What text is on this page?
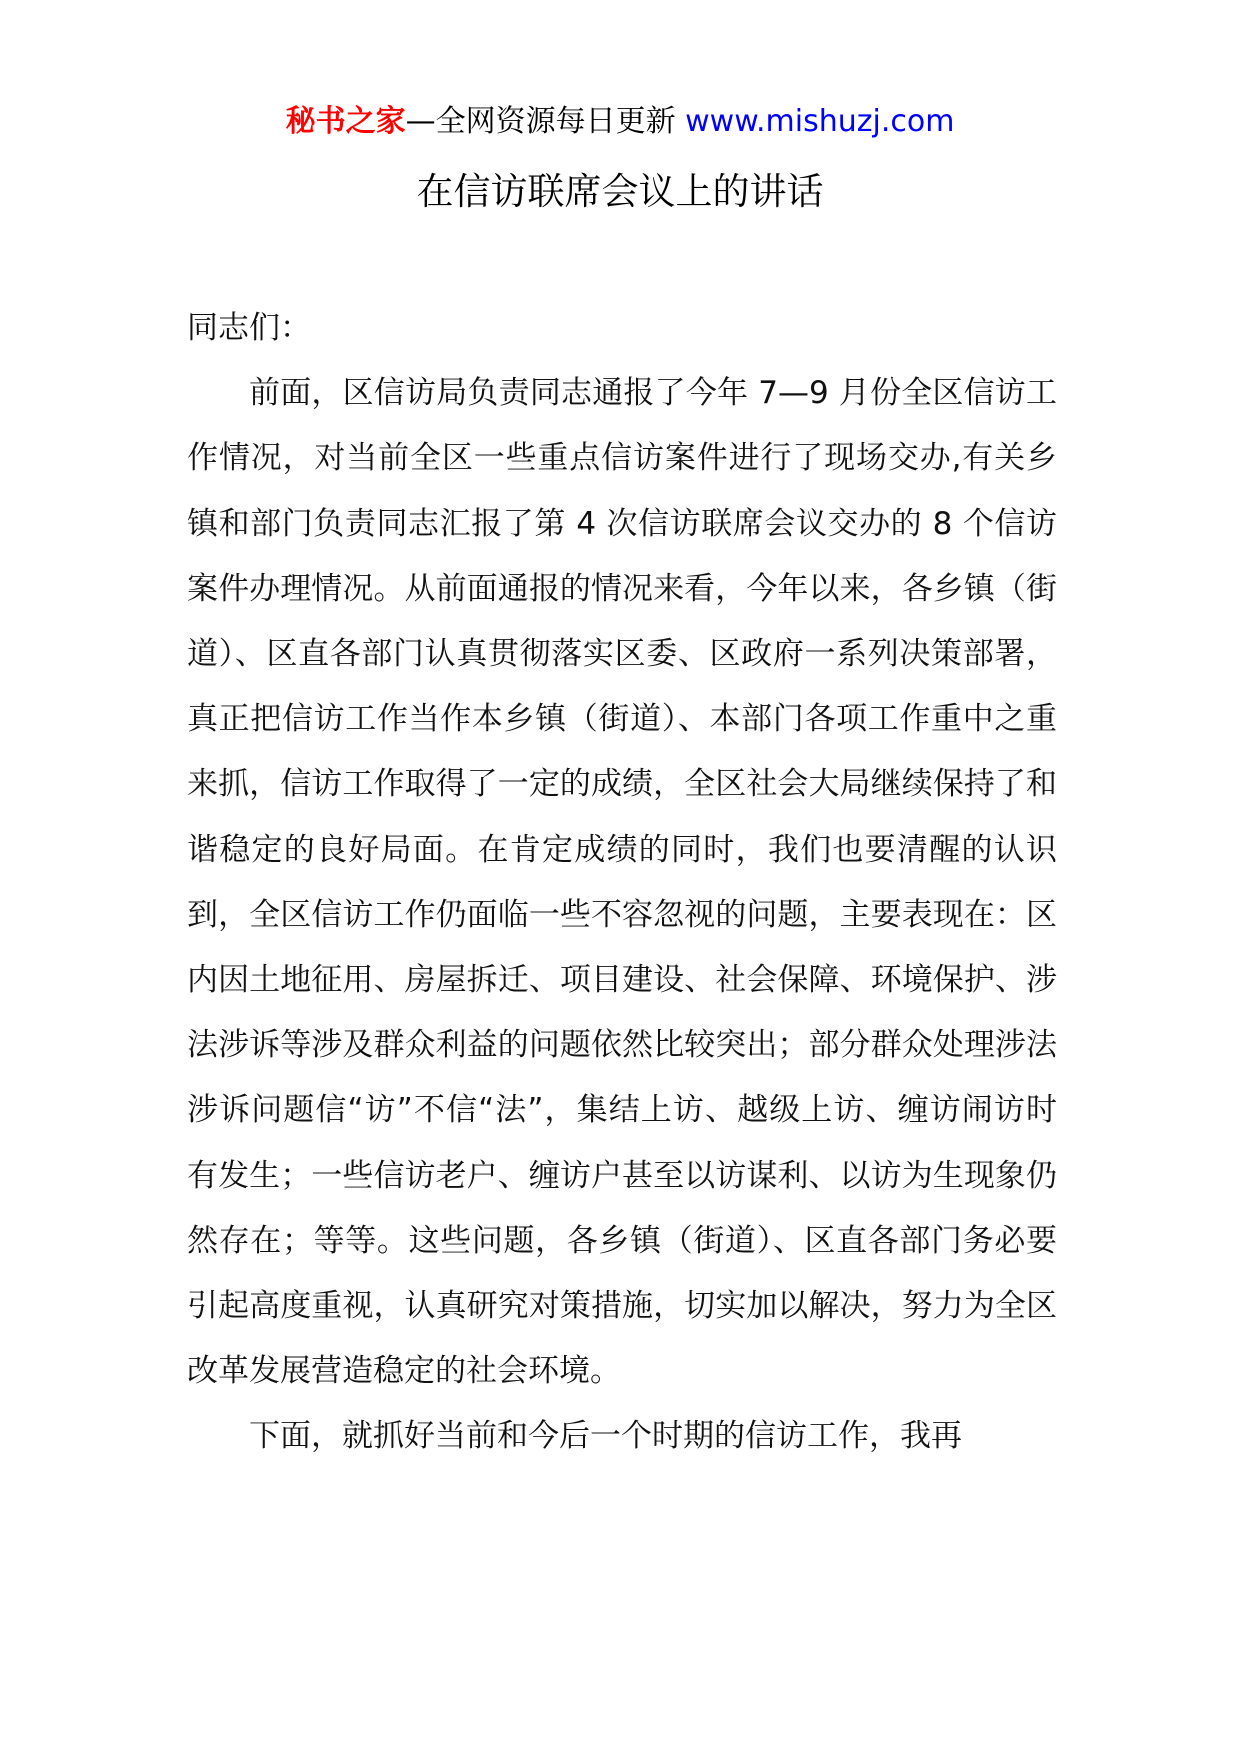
秘书之家—全网资源每日更新 www.mishuzj.com
在信访联席会议上的讲话

同志们：

前面，区信访局负责同志通报了今年 7—9 月份全区信访工作情况，对当前全区一些重点信访案件进行了现场交办,有关乡镇和部门负责同志汇报了第 4 次信访联席会议交办的 8 个信访案件办理情况。从前面通报的情况来看，今年以来，各乡镇（街道）、区直各部门认真贯彻落实区委、区政府一系列决策部署，真正把信访工作当作本乡镇（街道）、本部门各项工作重中之重来抓，信访工作取得了一定的成绩，全区社会大局继续保持了和谐稳定的良好局面。在肯定成绩的同时，我们也要清醒的认识到，全区信访工作仍面临一些不容忽视的问题，主要表现在：区内因土地征用、房屋拆迁、项目建设、社会保障、环境保护、涉法涉诉等涉及群众利益的问题依然比较突出；部分群众处理涉法涉诉问题信“访”不信“法”，集结上访、越级上访、缠访闹访时有发生；一些信访老户、缠访户甚至以访谋利、以访为生现象仍然存在；等等。这些问题，各乡镇（街道）、区直各部门务必要引起高度重视，认真研究对策措施，切实加以解决，努力为全区改革发展营造稳定的社会环境。

下面，就抓好当前和今后一个时期的信访工作，我再
